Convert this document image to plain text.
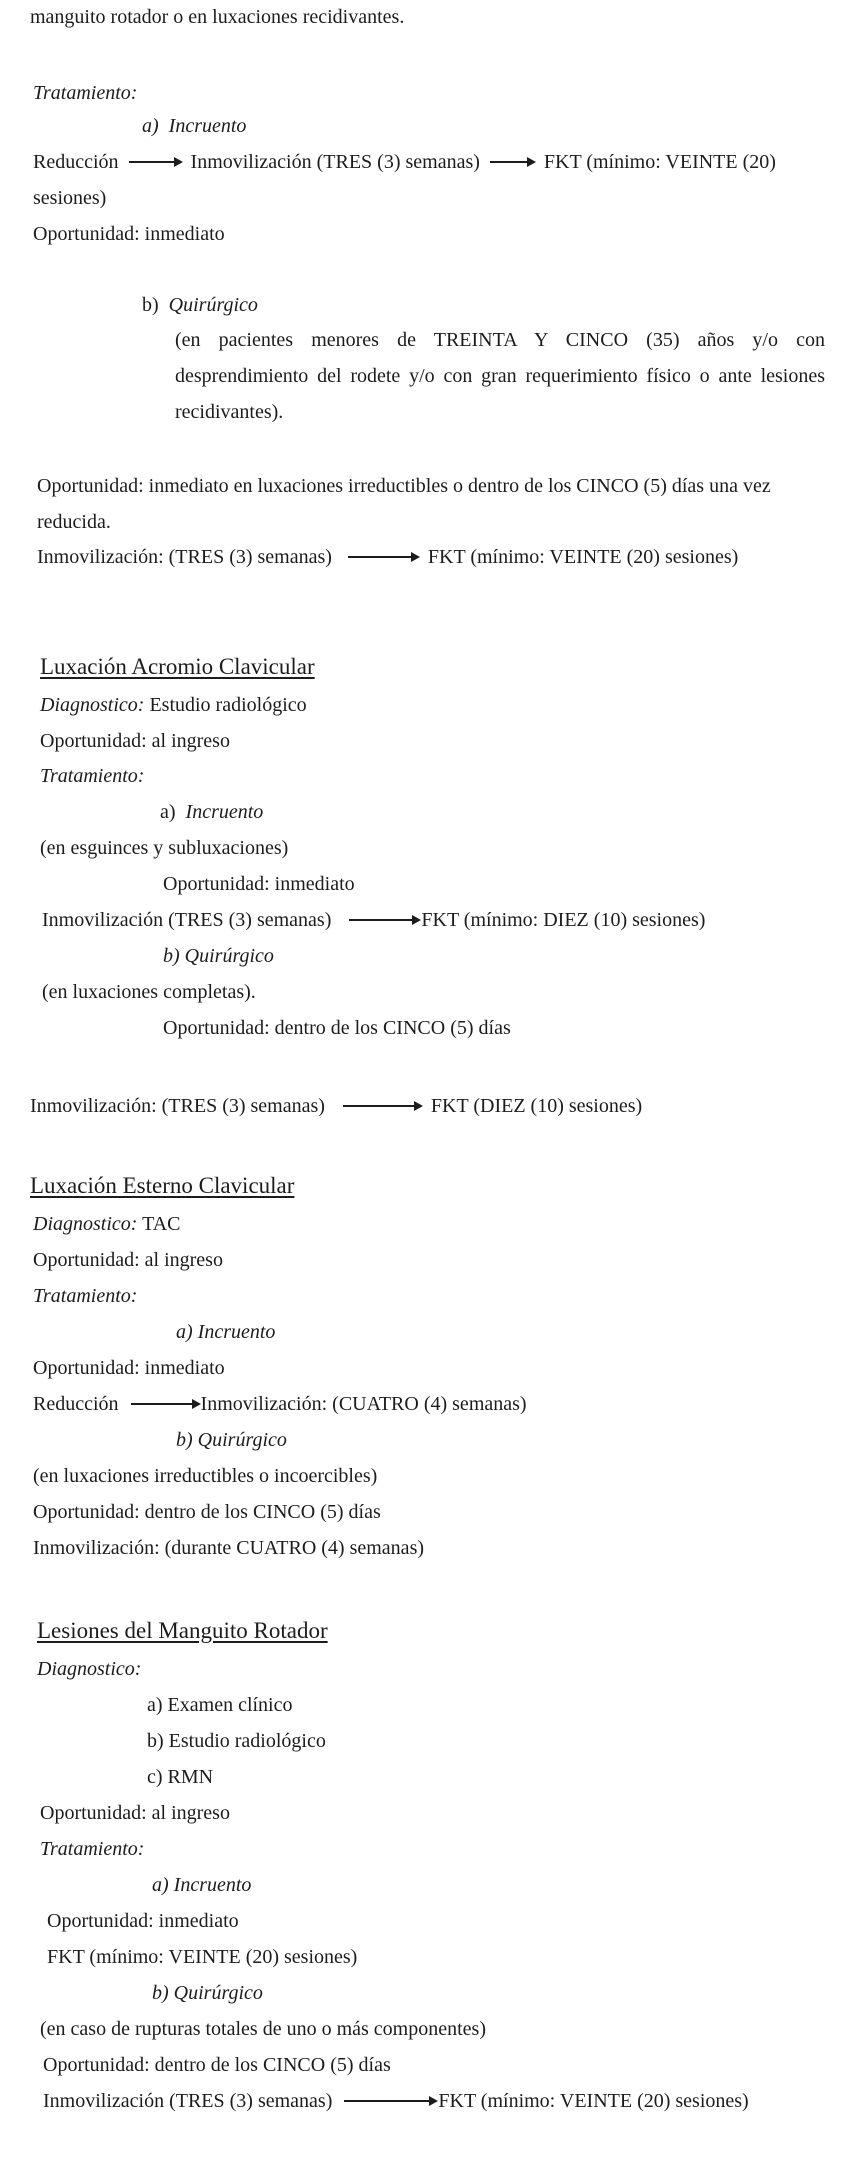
manguito rotador o en luxaciones recidivantes.
Tratamiento:
a) Incruento
Reducción	Inmovilización (TRES (3) semanas)	FKT (mínimo: VEINTE (20)
sesiones)
Oportunidad: inmediato
b) Quirúrgico
(en pacientes menores de TREINTA Y CINCO (35) años y/o con desprendimiento del rodete y/o con gran requerimiento físico o ante lesiones recidivantes).
Oportunidad: inmediato en luxaciones irreductibles o dentro de los CINCO (5) días una vez
reducida.
Inmovilización: (TRES (3) semanas)	FKT (mínimo: VEINTE (20) sesiones)
Luxación Acromio Clavicular
Diagnostico: Estudio radiológico
Oportunidad: al ingreso
Tratamiento:
a) Incruento
(en esguinces y subluxaciones)
Oportunidad: inmediato
Inmovilización (TRES (3) semanas)	FKT (mínimo: DIEZ (10) sesiones)
b) Quirúrgico
(en luxaciones completas).
Oportunidad: dentro de los CINCO (5) días
Inmovilización: (TRES (3) semanas)	FKT (DIEZ (10) sesiones)
Luxación Esterno Clavicular
Diagnostico: TAC
Oportunidad: al ingreso
Tratamiento:
a) Incruento
Oportunidad: inmediato
Reducción	Inmovilización: (CUATRO (4) semanas)
b) Quirúrgico
(en luxaciones irreductibles o incoercibles)
Oportunidad: dentro de los CINCO (5) días
Inmovilización: (durante CUATRO (4) semanas)
Lesiones del Manguito Rotador
Diagnostico:
a) Examen clínico
b) Estudio radiológico
c) RMN
Oportunidad: al ingreso
Tratamiento:
a) Incruento
Oportunidad: inmediato
FKT (mínimo: VEINTE (20) sesiones)
b) Quirúrgico
(en caso de rupturas totales de uno o más componentes)
Oportunidad: dentro de los CINCO (5) días
Inmovilización (TRES (3) semanas)	FKT (mínimo: VEINTE (20) sesiones)
